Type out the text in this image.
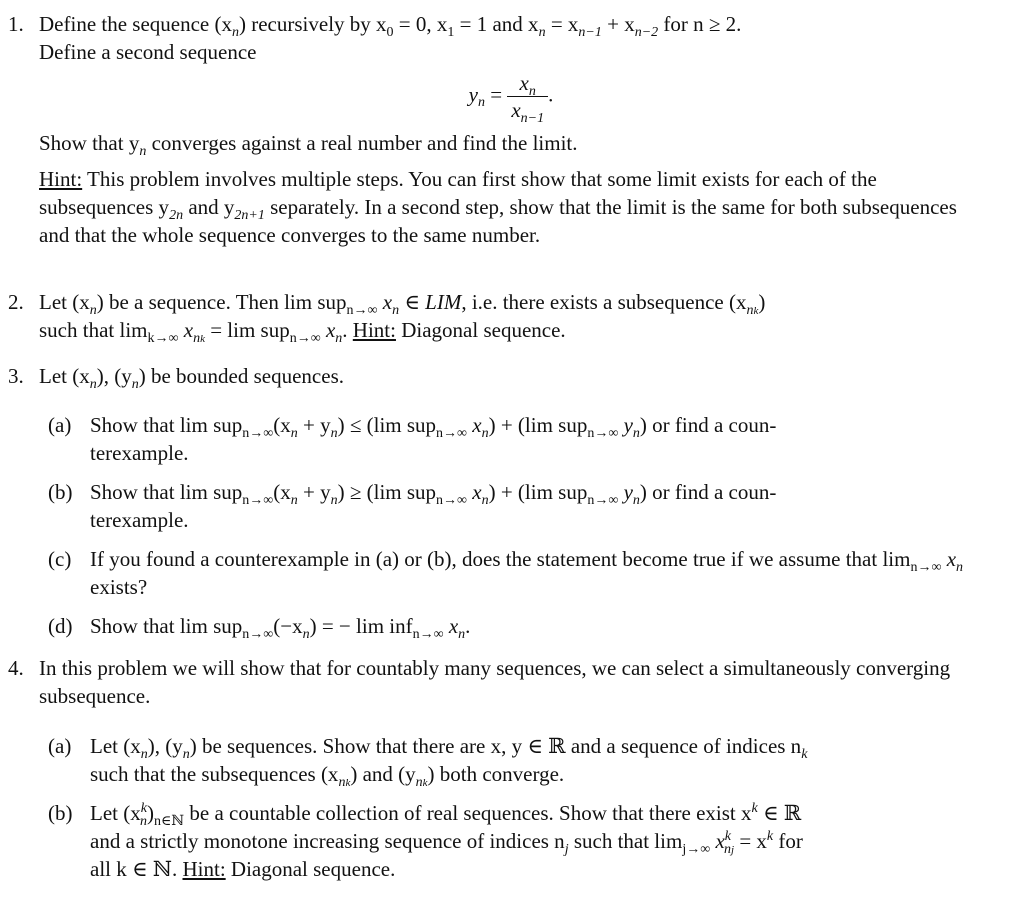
1. Define the sequence $(x_n)$ recursively by $x_0 = 0$, $x_1 = 1$ and $x_n = x_{n-1} + x_{n-2}$ for n ≥ 2.
Define a second sequence
$y_n = \frac{x_n}{x_{n-1}}$ .
Show that $y_n$ converges against a real number and find the limit.
Hint: This problem involves multiple steps. You can first show that some limit exists for each of the subsequences $y_{2n}$ and $y_{2n+1}$ separately. In a second step, show that the limit is the same for both subsequences and that the whole sequence converges to the same number.
2. Let $(x_n)$ be a sequence. Then lim sup$_{n\to\infty}$ $x_n$ ∈ LIM, i.e. there exists a subsequence $(x_{nk})$
such that $\lim_{k\to\infty} x_{nk} = \lim sup_{n\to\infty}$ $x_n$. Hint: Diagonal sequence.
3. Let $(x_n)$, $(y_n)$ be bounded sequences.
(a) Show that $\lim sup_{n\to\infty}(x_n + y_n) \le (\lim$ sup$_{n\to\infty}$ $x_n) + (\lim$ sup$_{n\to\infty}$ $y_n$) or find a coun-
terexample.
(b) Show that $\lim sup_{n\to\infty}(x_n + y_n) \ge (\lim$ sup$_{n\to\infty}$ $x_n) + (\lim$ sup$_{n\to\infty}$ $y_n$) or find a coun-
terexample.
(c) If you found a counterexample in (a) or (b), does the statement become true if we assume that $\lim_{n\to\infty} x_n$ exists?
(d) Show that $\lim sup_{n\to\infty}(-x_n)$ = − lim inf$_{n\to\infty}$ $x_n$.
4. In this problem we will show that for countably many sequences, we can select a simultaneously converging subsequence.
(a) Let $(x_n)$, $(y_n)$ be sequences. Show that there are x, y ∈ ℝ and a sequence of indices $n_k$
such that the subsequences $(x_{nk})$ and $(y_{nk})$ both converge.
(b) Let $(x^k_n)_{n\in ℕ}$ be a countable collection of real sequences. Show that there exist $x^k$ ∈ ℝ
and a strictly monotone increasing sequence of indices $n_j$ such that $\lim_{j\to\infty} x^k_{nj} = x^k$ for
all k ∈ ℕ. Hint: Diagonal sequence.
